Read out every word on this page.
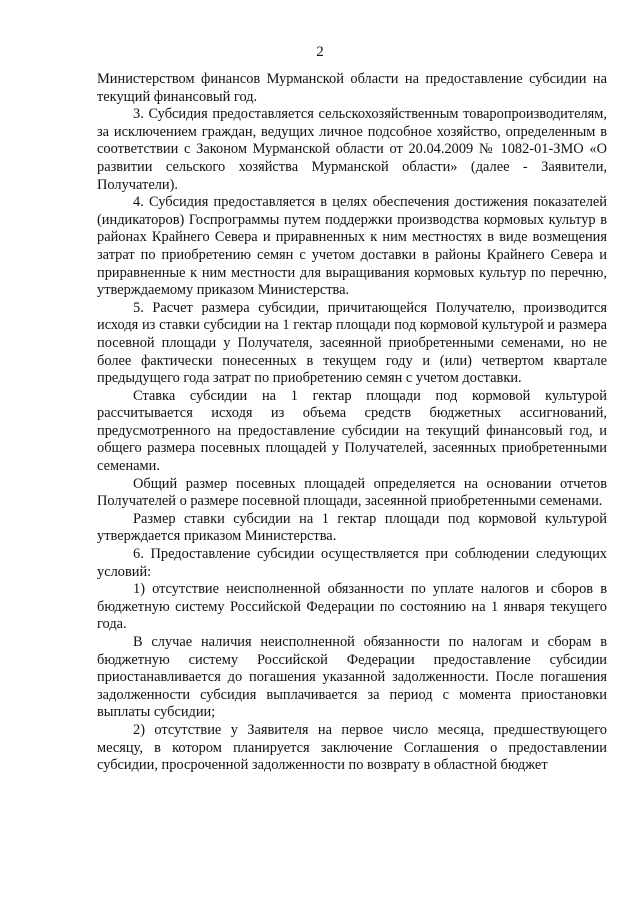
2

Министерством финансов Мурманской области на предоставление субсидии на текущий финансовый год.

3. Субсидия предоставляется сельскохозяйственным товаропроизводителям, за исключением граждан, ведущих личное подсобное хозяйство, определенным в соответствии с Законом Мурманской области от 20.04.2009 № 1082-01-ЗМО «О развитии сельского хозяйства Мурманской области» (далее - Заявители, Получатели).

4. Субсидия предоставляется в целях обеспечения достижения показателей (индикаторов) Госпрограммы путем поддержки производства кормовых культур в районах Крайнего Севера и приравненных к ним местностях в виде возмещения затрат по приобретению семян с учетом доставки в районы Крайнего Севера и приравненные к ним местности для выращивания кормовых культур по перечню, утверждаемому приказом Министерства.

5. Расчет размера субсидии, причитающейся Получателю, производится исходя из ставки субсидии на 1 гектар площади под кормовой культурой и размера посевной площади у Получателя, засеянной приобретенными семенами, но не более фактически понесенных в текущем году и (или) четвертом квартале предыдущего года затрат по приобретению семян с учетом доставки.

Ставка субсидии на 1 гектар площади под кормовой культурой рассчитывается исходя из объема средств бюджетных ассигнований, предусмотренного на предоставление субсидии на текущий финансовый год, и общего размера посевных площадей у Получателей, засеянных приобретенными семенами.

Общий размер посевных площадей определяется на основании отчетов Получателей о размере посевной площади, засеянной приобретенными семенами.

Размер ставки субсидии на 1 гектар площади под кормовой культурой утверждается приказом Министерства.

6. Предоставление субсидии осуществляется при соблюдении следующих условий:

1) отсутствие неисполненной обязанности по уплате налогов и сборов в бюджетную систему Российской Федерации по состоянию на 1 января текущего года.

В случае наличия неисполненной обязанности по налогам и сборам в бюджетную систему Российской Федерации предоставление субсидии приостанавливается до погашения указанной задолженности. После погашения задолженности субсидия выплачивается за период с момента приостановки выплаты субсидии;

2) отсутствие у Заявителя на первое число месяца, предшествующего месяцу, в котором планируется заключение Соглашения о предоставлении субсидии, просроченной задолженности по возврату в областной бюджет
